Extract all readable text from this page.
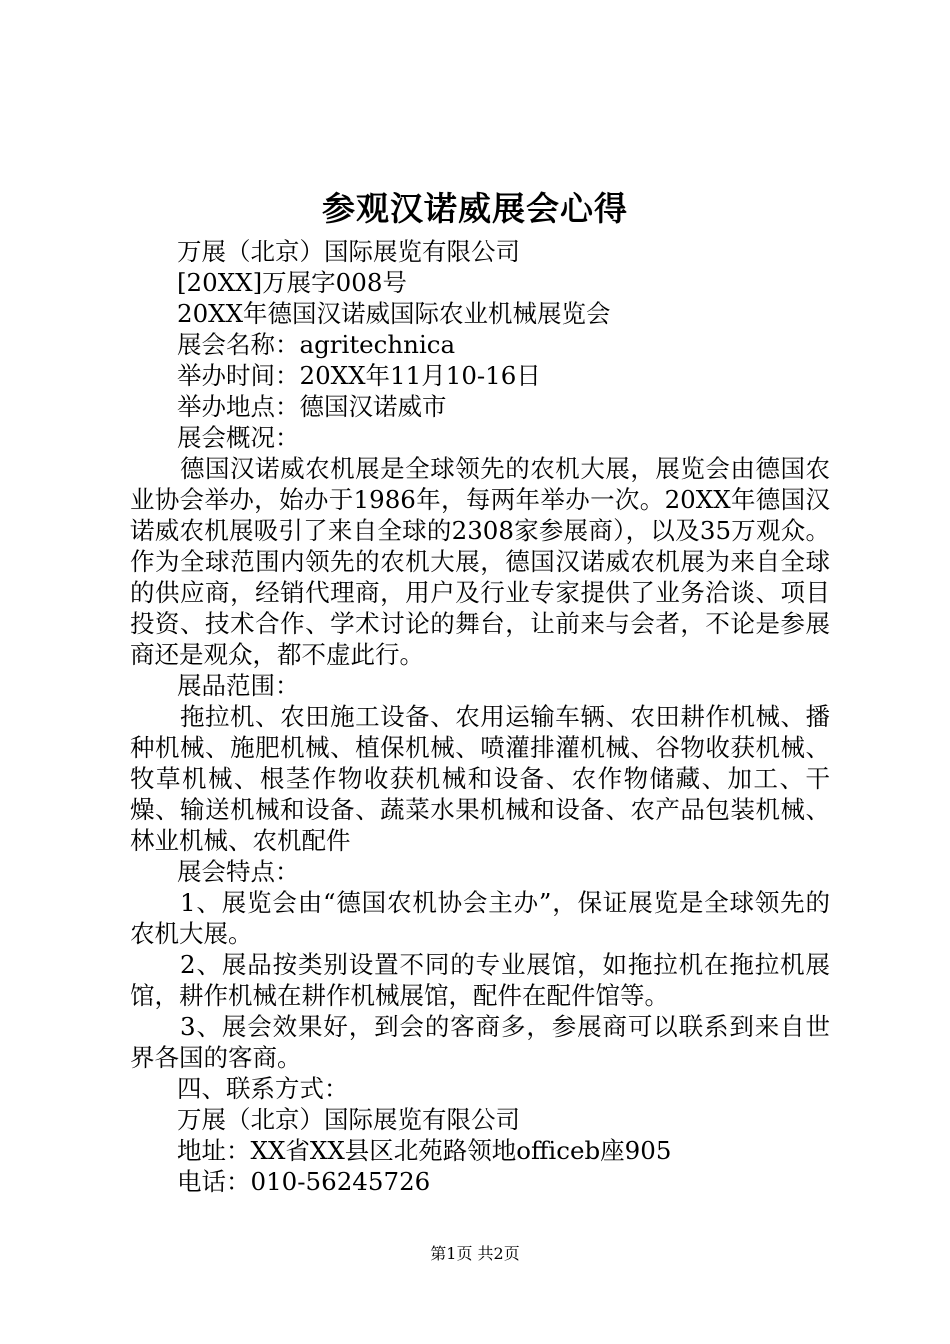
参观汉诺威展会心得
万展（北京）国际展览有限公司
[20XX]万展字008号
20XX年德国汉诺威国际农业机械展览会
展会名称：agritechnica
举办时间：20XX年11月10-16日
举办地点：德国汉诺威市
展会概况：
德国汉诺威农机展是全球领先的农机大展，展览会由德国农业协会举办，始办于1986年，每两年举办一次。20XX年德国汉诺威农机展吸引了来自全球的2308家参展商），以及35万观众。作为全球范围内领先的农机大展，德国汉诺威农机展为来自全球的供应商，经销代理商，用户及行业专家提供了业务洽谈、项目投资、技术合作、学术讨论的舞台，让前来与会者，不论是参展商还是观众，都不虚此行。
展品范围：
拖拉机、农田施工设备、农用运输车辆、农田耕作机械、播种机械、施肥机械、植保机械、喷灌排灌机械、谷物收获机械、牧草机械、根茎作物收获机械和设备、农作物储藏、加工、干燥、输送机械和设备、蔬菜水果机械和设备、农产品包装机械、林业机械、农机配件
展会特点：
1、展览会由“德国农机协会主办”，保证展览是全球领先的农机大展。
2、展品按类别设置不同的专业展馆，如拖拉机在拖拉机展馆，耕作机械在耕作机械展馆，配件在配件馆等。
3、展会效果好，到会的客商多，参展商可以联系到来自世界各国的客商。
四、联系方式：
万展（北京）国际展览有限公司
地址：XX省XX县区北苑路领地officeb座905
电话：010-56245726
第1页 共2页
